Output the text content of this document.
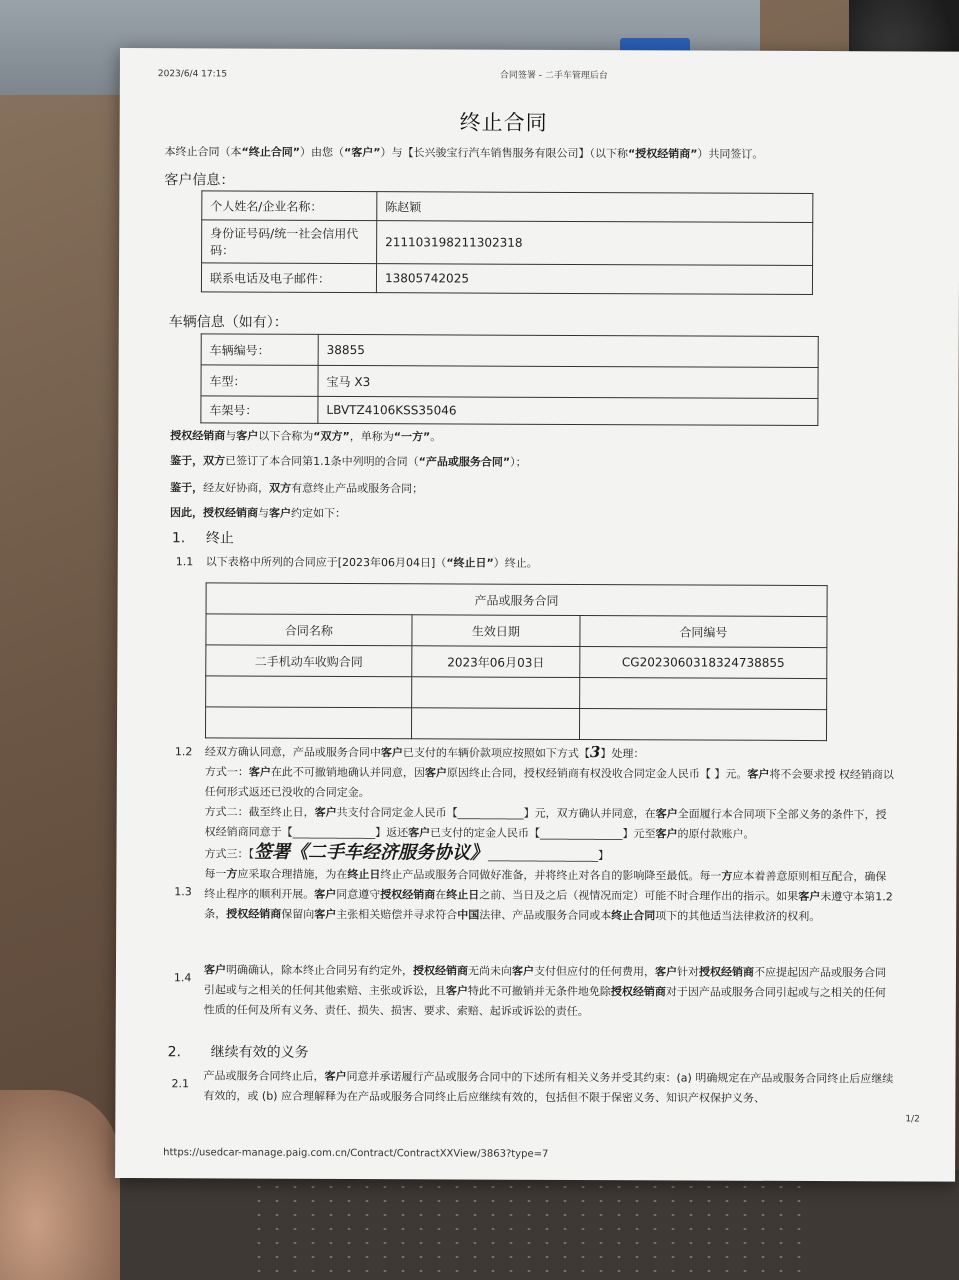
2023/6/4 17:15	合同签署 - 二手车管理后台
终止合同
本终止合同（本“终止合同”）由您（“客户”）与【长兴骏宝行汽车销售服务有限公司】（以下称“授权经销商”）共同签订。
客户信息：
个人姓名/企业名称：	陈赵颖
身份证号码/统一社会信用代码：	211103198211302318
联系电话及电子邮件：	13805742025
车辆信息（如有）：
车辆编号：	38855
车型：	宝马 X3
车架号：	LBVTZ4106KSS35046
授权经销商与客户以下合称为“双方”，单称为“一方”。
鉴于，双方已签订了本合同第1.1条中列明的合同（“产品或服务合同”）；
鉴于，经友好协商，双方有意终止产品或服务合同；
因此，授权经销商与客户约定如下：
1. 终止
1.1 以下表格中所列的合同应于[2023年06月04日]（“终止日”）终止。
产品或服务合同		
合同名称	生效日期	合同编号
二手机动车收购合同	2023年06月03日	CG2023060318324738855

1.2 经双方确认同意，产品或服务合同中客户已支付的车辆价款项应按照如下方式【3】处理：
方式一：客户在此不可撤销地确认并同意，因客户原因终止合同，授权经销商有权没收合同定金人民币【 】元。客户将不会要求授 权经销商以任何形式返还已没收的合同定金。
方式二：截至终止日，客户共支付合同定金人民币【____________】元，双方确认并同意，在客户全面履行本合同项下全部义务的条件下，授权经销商同意于【_______________】返还客户已支付的定金人民币【_______________】元至客户的原付款账户。
方式三：【签署《二手车经济服务协议》____________________】
1.3
每一方应采取合理措施，为在终止日终止产品或服务合同做好准备，并将终止对各自的影响降至最低。每一方应本着善意原则相互配合，确保终止程序的顺利开展。客户同意遵守授权经销商在终止日之前、当日及之后（视情况而定）可能不时合理作出的指示。如果客户未遵守本第1.2条，授权经销商保留向客户主张相关赔偿并寻求符合中国法律、产品或服务合同或本终止合同项下的其他适当法律救济的权利。
1.4
客户明确确认，除本终止合同另有约定外，授权经销商无尚未向客户支付但应付的任何费用，客户针对授权经销商不应提起因产品或服务合同引起或与之相关的任何其他索赔、主张或诉讼，且客户特此不可撤销并无条件地免除授权经销商对于因产品或服务合同引起或与之相关的任何性质的任何及所有义务、责任、损失、损害、要求、索赔、起诉或诉讼的责任。
2. 继续有效的义务
2.1
产品或服务合同终止后，客户同意并承诺履行产品或服务合同中的下述所有相关义务并受其约束：(a) 明确规定在产品或服务合同终止后应继续有效的，或 (b) 应合理解释为在产品或服务合同终止后应继续有效的，包括但不限于保密义务、知识产权保护义务、
1/2
https://usedcar-manage.paig.com.cn/Contract/ContractXXView/3863?type=7
